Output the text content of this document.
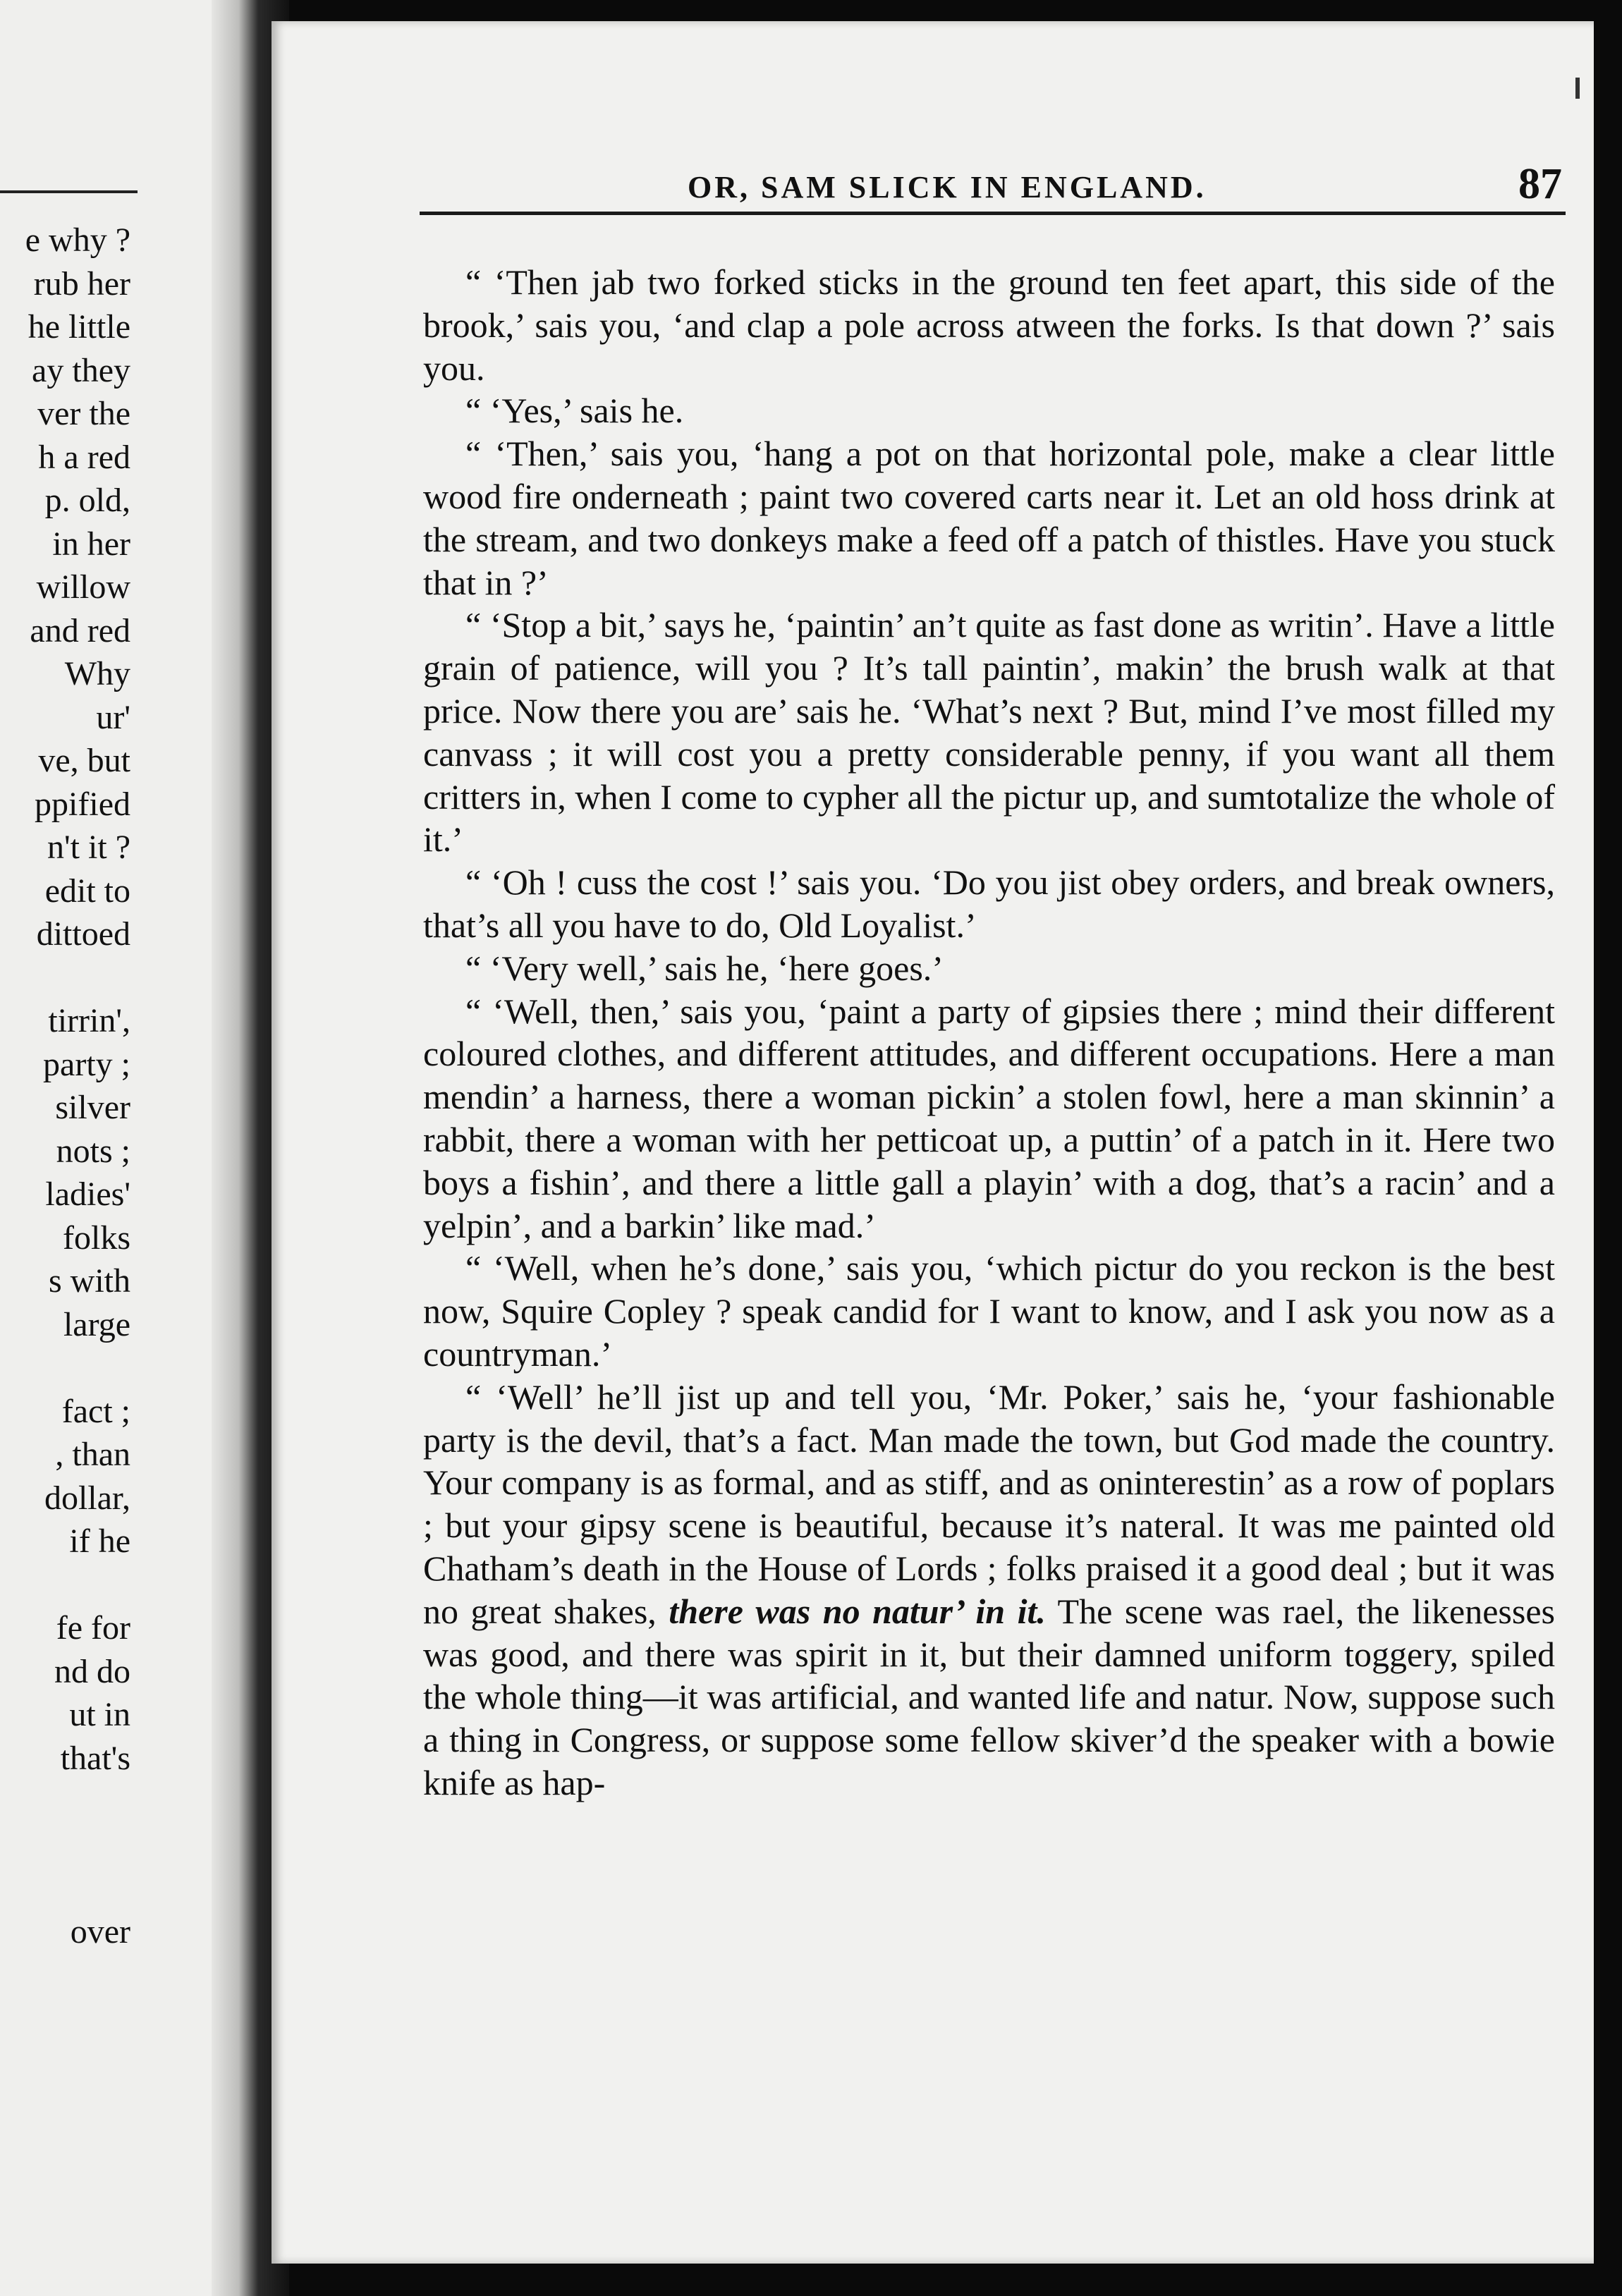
e why ?
rub her
he little
ay they
ver the
h a red
p. old,
in her
willow
and red
Why
ur'
ve, but
ppified
n't it ?
edit to
dittoed
tirrin',
party ;
silver
nots ;
ladies'
folks
s with
large
fact ;
, than
dollar,
if he
fe for
nd do
ut in
that's
over
OR, SAM SLICK IN ENGLAND.	87

“ ‘Then jab two forked sticks in the ground ten feet apart, this side of the brook,’ sais you, ‘and clap a pole across atween the forks. Is that down ?’ sais you.

“ ‘Yes,’ sais he.

“ ‘Then,’ sais you, ‘hang a pot on that horizontal pole, make a clear little wood fire onderneath ; paint two covered carts near it. Let an old hoss drink at the stream, and two donkeys make a feed off a patch of thistles. Have you stuck that in ?’

“ ‘Stop a bit,’ says he, ‘paintin’ an’t quite as fast done as writin’. Have a little grain of patience, will you ? It’s tall paintin’, makin’ the brush walk at that price. Now there you are’ sais he. ‘What’s next ? But, mind I’ve most filled my canvass ; it will cost you a pretty considerable penny, if you want all them critters in, when I come to cypher all the pictur up, and sumtotalize the whole of it.’

“ ‘Oh ! cuss the cost !’ sais you. ‘Do you jist obey orders, and break owners, that’s all you have to do, Old Loyalist.’

“ ‘Very well,’ sais he, ‘here goes.’

“ ‘Well, then,’ sais you, ‘paint a party of gipsies there ; mind their different coloured clothes, and different attitudes, and different occupations. Here a man mendin’ a harness, there a woman pickin’ a stolen fowl, here a man skinnin’ a rabbit, there a woman with her petticoat up, a puttin’ of a patch in it. Here two boys a fishin’, and there a little gall a playin’ with a dog, that’s a racin’ and a yelpin’, and a barkin’ like mad.’

“ ‘Well, when he’s done,’ sais you, ‘which pictur do you reckon is the best now, Squire Copley ? speak candid for I want to know, and I ask you now as a countryman.’

“ ‘Well’ he’ll jist up and tell you, ‘Mr. Poker,’ sais he, ‘your fashionable party is the devil, that’s a fact. Man made the town, but God made the country. Your company is as formal, and as stiff, and as oninterestin’ as a row of poplars ; but your gipsy scene is beautiful, because it’s nateral. It was me painted old Chatham’s death in the House of Lords ; folks praised it a good deal ; but it was no great shakes, there was no natur’ in it. The scene was rael, the likenesses was good, and there was spirit in it, but their damned uniform toggery, spiled the whole thing—it was artificial, and wanted life and natur. Now, suppose such a thing in Congress, or suppose some fellow skiver’d the speaker with a bowie knife as hap-
